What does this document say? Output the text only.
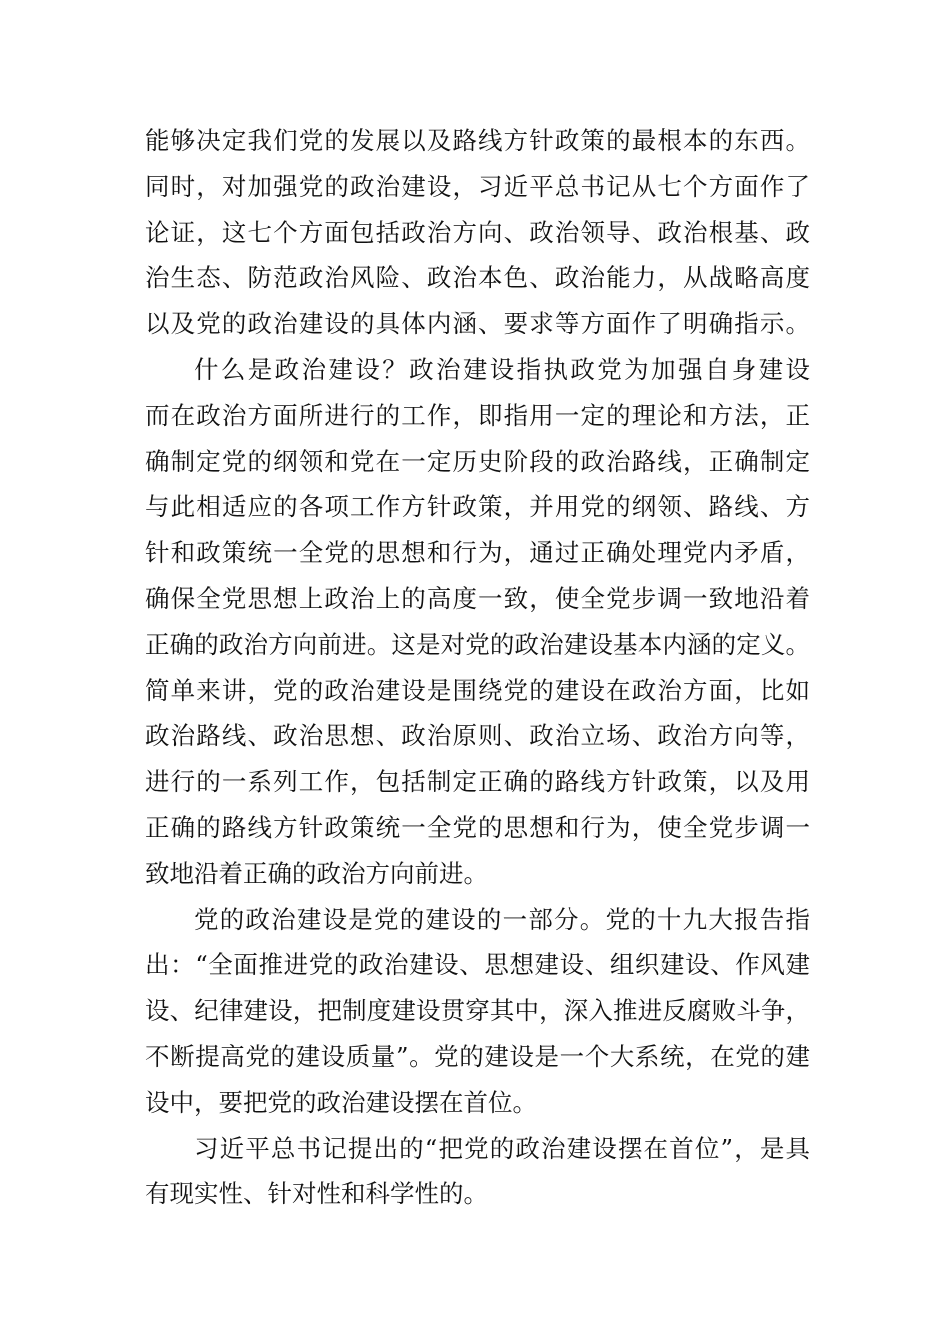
能够决定我们党的发展以及路线方针政策的最根本的东西。
同时，对加强党的政治建设，习近平总书记从七个方面作了
论证，这七个方面包括政治方向、政治领导、政治根基、政
治生态、防范政治风险、政治本色、政治能力，从战略高度
以及党的政治建设的具体内涵、要求等方面作了明确指示。
什么是政治建设？政治建设指执政党为加强自身建设
而在政治方面所进行的工作，即指用一定的理论和方法，正
确制定党的纲领和党在一定历史阶段的政治路线，正确制定
与此相适应的各项工作方针政策，并用党的纲领、路线、方
针和政策统一全党的思想和行为，通过正确处理党内矛盾，
确保全党思想上政治上的高度一致，使全党步调一致地沿着
正确的政治方向前进。这是对党的政治建设基本内涵的定义。
简单来讲，党的政治建设是围绕党的建设在政治方面，比如
政治路线、政治思想、政治原则、政治立场、政治方向等，
进行的一系列工作，包括制定正确的路线方针政策，以及用
正确的路线方针政策统一全党的思想和行为，使全党步调一
致地沿着正确的政治方向前进。
党的政治建设是党的建设的一部分。党的十九大报告指
出：“全面推进党的政治建设、思想建设、组织建设、作风建
设、纪律建设，把制度建设贯穿其中，深入推进反腐败斗争，
不断提高党的建设质量”。党的建设是一个大系统，在党的建
设中，要把党的政治建设摆在首位。
习近平总书记提出的“把党的政治建设摆在首位”，是具
有现实性、针对性和科学性的。
